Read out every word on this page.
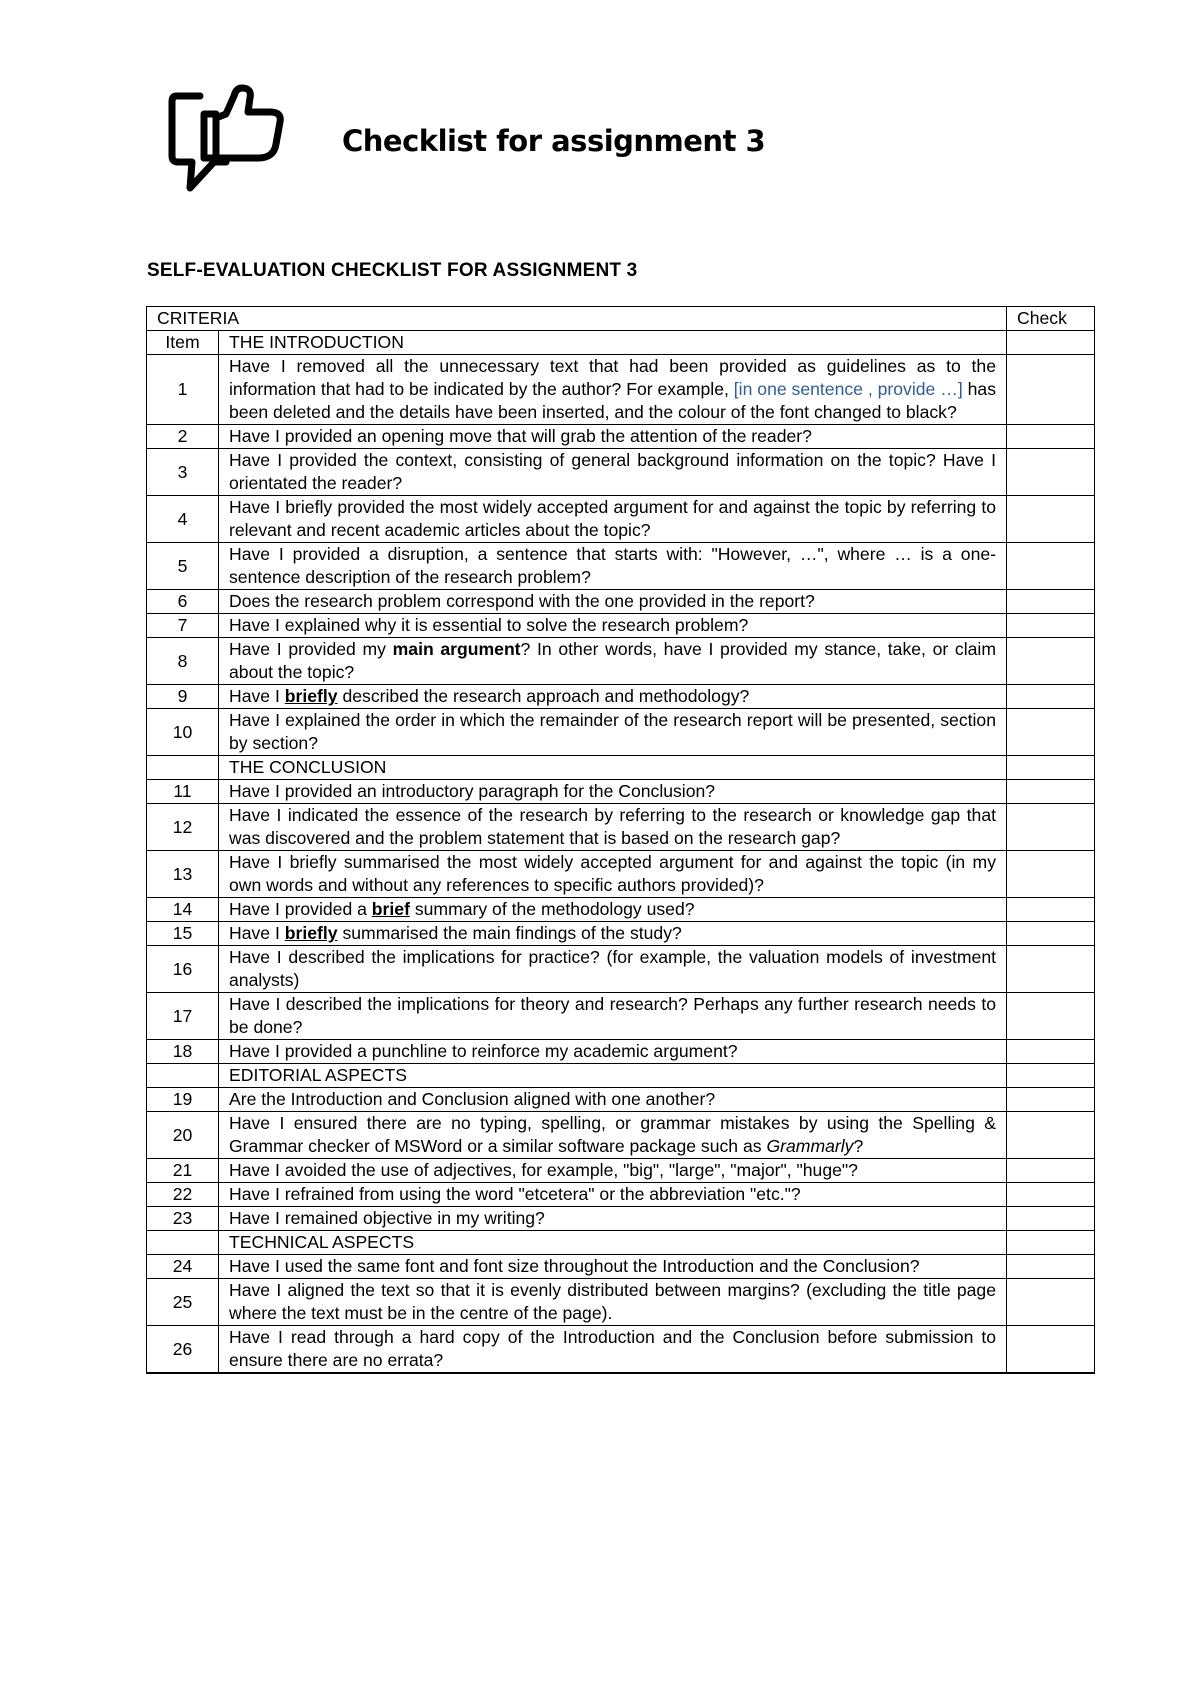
Checklist for assignment 3
SELF-EVALUATION CHECKLIST FOR ASSIGNMENT 3
CRITERIA		Check
Item	THE INTRODUCTION	
1	Have I removed all the unnecessary text that had been provided as guidelines as to the information that had to be indicated by the author? For example, [in one sentence , provide …] has been deleted and the details have been inserted, and the colour of the font changed to black?	
2	Have I provided an opening move that will grab the attention of the reader?	
3	Have I provided the context, consisting of general background information on the topic? Have I orientated the reader?	
4	Have I briefly provided the most widely accepted argument for and against the topic by referring to relevant and recent academic articles about the topic?	
5	Have I provided a disruption, a sentence that starts with: "However, …", where … is a one-sentence description of the research problem?	
6	Does the research problem correspond with the one provided in the report?	
7	Have I explained why it is essential to solve the research problem?	
8	Have I provided my main argument? In other words, have I provided my stance, take, or claim about the topic?	
9	Have I briefly described the research approach and methodology?	
10	Have I explained the order in which the remainder of the research report will be presented, section by section?	
	THE CONCLUSION	
11	Have I provided an introductory paragraph for the Conclusion?	
12	Have I indicated the essence of the research by referring to the research or knowledge gap that was discovered and the problem statement that is based on the research gap?	
13	Have I briefly summarised the most widely accepted argument for and against the topic (in my own words and without any references to specific authors provided)?	
14	Have I provided a brief summary of the methodology used?	
15	Have I briefly summarised the main findings of the study?	
16	Have I described the implications for practice? (for example, the valuation models of investment analysts)	
17	Have I described the implications for theory and research? Perhaps any further research needs to be done?	
18	Have I provided a punchline to reinforce my academic argument?	
	EDITORIAL ASPECTS	
19	Are the Introduction and Conclusion aligned with one another?	
20	Have I ensured there are no typing, spelling, or grammar mistakes by using the Spelling & Grammar checker of MSWord or a similar software package such as Grammarly?	
21	Have I avoided the use of adjectives, for example, "big", "large", "major", "huge"?	
22	Have I refrained from using the word "etcetera" or the abbreviation "etc."?	
23	Have I remained objective in my writing?	
	TECHNICAL ASPECTS	
24	Have I used the same font and font size throughout the Introduction and the Conclusion?	
25	Have I aligned the text so that it is evenly distributed between margins? (excluding the title page where the text must be in the centre of the page).	
26	Have I read through a hard copy of the Introduction and the Conclusion before submission to ensure there are no errata?	
